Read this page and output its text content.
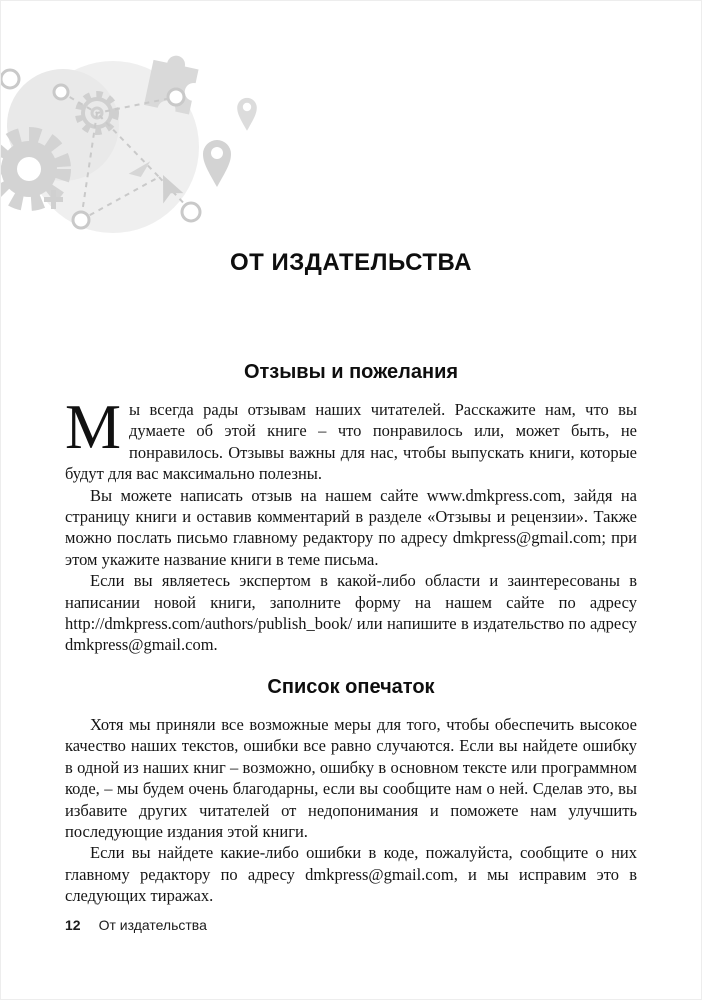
ОТ ИЗДАТЕЛЬСТВА
Отзывы и пожелания

Мы всегда рады отзывам наших читателей. Расскажите нам, что вы думаете об этой книге – что понравилось или, может быть, не понравилось. Отзывы важны для нас, чтобы выпускать книги, которые будут для вас максимально полезны.

Вы можете написать отзыв на нашем сайте www.dmkpress.com, зайдя на страницу книги и оставив комментарий в разделе «Отзывы и рецензии». Также можно послать письмо главному редактору по адресу dmkpress@gmail.com; при этом укажите название книги в теме письма.

Если вы являетесь экспертом в какой-либо области и заинтересованы в написании новой книги, заполните форму на нашем сайте по адресу http://dmkpress.com/authors/publish_book/ или напишите в издательство по адресу dmkpress@gmail.com.

Список опечаток

Хотя мы приняли все возможные меры для того, чтобы обеспечить высокое качество наших текстов, ошибки все равно случаются. Если вы найдете ошибку в одной из наших книг – возможно, ошибку в основном тексте или программном коде, – мы будем очень благодарны, если вы сообщите нам о ней. Сделав это, вы избавите других читателей от недопонимания и поможете нам улучшить последующие издания этой книги.

Если вы найдете какие-либо ошибки в коде, пожалуйста, сообщите о них главному редактору по адресу dmkpress@gmail.com, и мы исправим это в следующих тиражах.

12 От издательства
